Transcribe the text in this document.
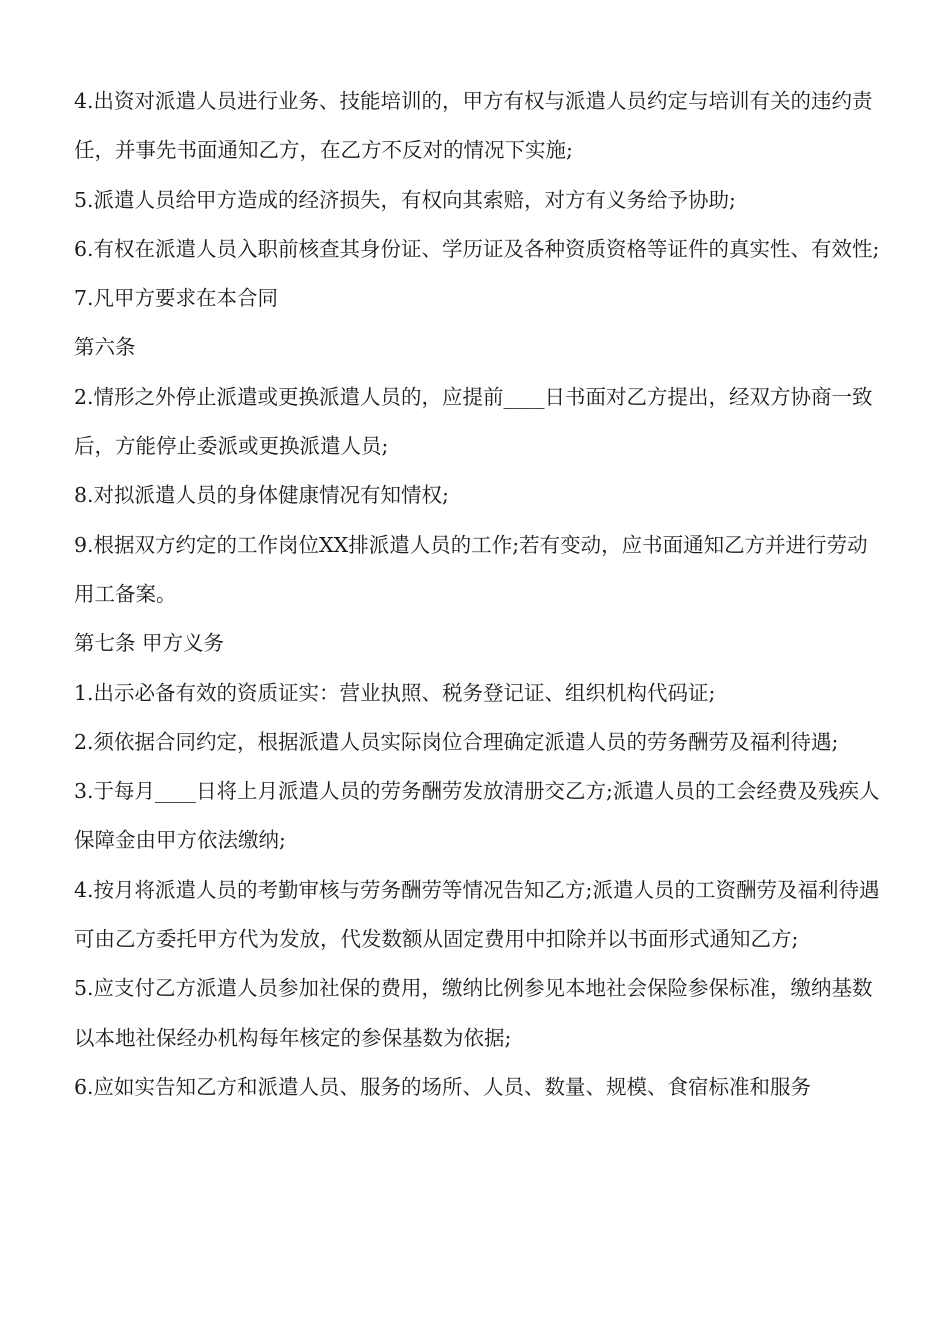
4.出资对派遣人员进行业务、技能培训的，甲方有权与派遣人员约定与培训有关的违约责任，并事先书面通知乙方，在乙方不反对的情况下实施;

5.派遣人员给甲方造成的经济损失，有权向其索赔，对方有义务给予协助;

6.有权在派遣人员入职前核查其身份证、学历证及各种资质资格等证件的真实性、有效性;

7.凡甲方要求在本合同

第六条

2.情形之外停止派遣或更换派遣人员的，应提前____日书面对乙方提出，经双方协商一致后，方能停止委派或更换派遣人员;

8.对拟派遣人员的身体健康情况有知情权;

9.根据双方约定的工作岗位XX排派遣人员的工作;若有变动，应书面通知乙方并进行劳动用工备案。

第七条 甲方义务

1.出示必备有效的资质证实：营业执照、税务登记证、组织机构代码证;

2.须依据合同约定，根据派遣人员实际岗位合理确定派遣人员的劳务酬劳及福利待遇;

3.于每月____日将上月派遣人员的劳务酬劳发放清册交乙方;派遣人员的工会经费及残疾人保障金由甲方依法缴纳;

4.按月将派遣人员的考勤审核与劳务酬劳等情况告知乙方;派遣人员的工资酬劳及福利待遇可由乙方委托甲方代为发放，代发数额从固定费用中扣除并以书面形式通知乙方;

5.应支付乙方派遣人员参加社保的费用，缴纳比例参见本地社会保险参保标准，缴纳基数以本地社保经办机构每年核定的参保基数为依据;

6.应如实告知乙方和派遣人员、服务的场所、人员、数量、规模、食宿标准和服务
